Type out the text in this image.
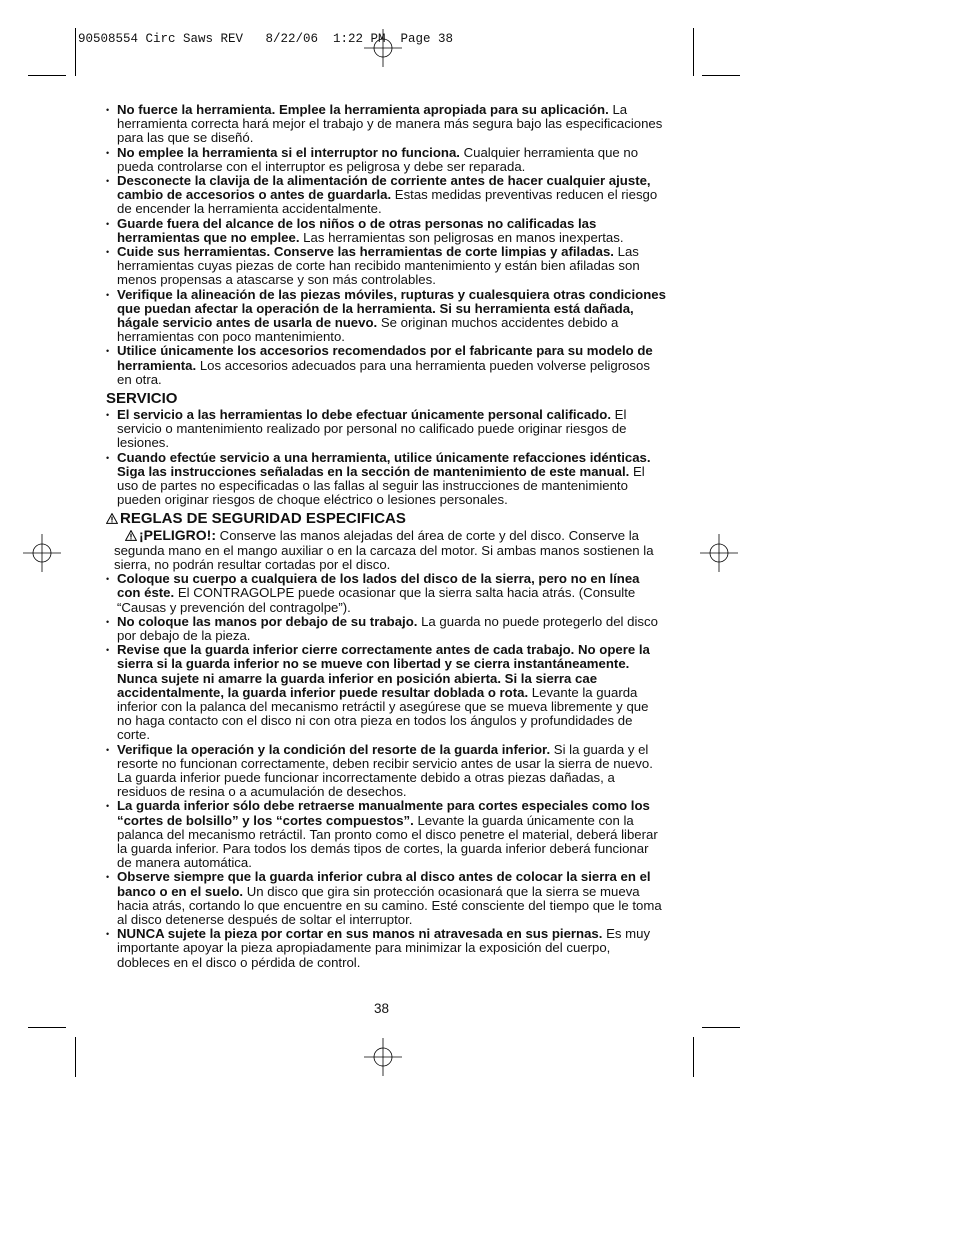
90508554 Circ Saws REV   8/22/06  1:22 PM  Page 38
• No fuerce la herramienta. Emplee la herramienta apropiada para su aplicación. La herramienta correcta hará mejor el trabajo y de manera más segura bajo las especificaciones para las que se diseñó.
• No emplee la herramienta si el interruptor no funciona. Cualquier herramienta que no pueda controlarse con el interruptor es peligrosa y debe ser reparada.
• Desconecte la clavija de la alimentación de corriente antes de hacer cualquier ajuste, cambio de accesorios o antes de guardarla. Estas medidas preventivas reducen el riesgo de encender la herramienta accidentalmente.
• Guarde fuera del alcance de los niños o de otras personas no calificadas las herramientas que no emplee. Las herramientas son peligrosas en manos inexpertas.
• Cuide sus herramientas. Conserve las herramientas de corte limpias y afiladas. Las herramientas cuyas piezas de corte han recibido mantenimiento y están bien afiladas son menos propensas a atascarse y son más controlables.
• Verifique la alineación de las piezas móviles, rupturas y cualesquiera otras condiciones que puedan afectar la operación de la herramienta. Si su herramienta está dañada, hágale servicio antes de usarla de nuevo. Se originan muchos accidentes debido a herramientas con poco mantenimiento.
• Utilice únicamente los accesorios recomendados por el fabricante para su modelo de herramienta. Los accesorios adecuados para una herramienta pueden volverse peligrosos en otra.
SERVICIO
• El servicio a las herramientas lo debe efectuar únicamente personal calificado. El servicio o mantenimiento realizado por personal no calificado puede originar riesgos de lesiones.
• Cuando efectúe servicio a una herramienta, utilice únicamente refacciones idénticas. Siga las instrucciones señaladas en la sección de mantenimiento de este manual. El uso de partes no especificadas o las fallas al seguir las instrucciones de mantenimiento pueden originar riesgos de choque eléctrico o lesiones personales.
REGLAS DE SEGURIDAD ESPECIFICAS
¡PELIGRO!: Conserve las manos alejadas del área de corte y del disco. Conserve la segunda mano en el mango auxiliar o en la carcaza del motor. Si ambas manos sostienen la sierra, no podrán resultar cortadas por el disco.
• Coloque su cuerpo a cualquiera de los lados del disco de la sierra, pero no en línea con éste. El CONTRAGOLPE puede ocasionar que la sierra salta hacia atrás. (Consulte “Causas y prevención del contragolpe”).
• No coloque las manos por debajo de su trabajo. La guarda no puede protegerlo del disco por debajo de la pieza.
• Revise que la guarda inferior cierre correctamente antes de cada trabajo. No opere la sierra si la guarda inferior no se mueve con libertad y se cierra instantáneamente. Nunca sujete ni amarre la guarda inferior en posición abierta. Si la sierra cae accidentalmente, la guarda inferior puede resultar doblada o rota. Levante la guarda inferior con la palanca del mecanismo retráctil y asegúrese que se mueva libremente y que no haga contacto con el disco ni con otra pieza en todos los ángulos y profundidades de corte.
• Verifique la operación y la condición del resorte de la guarda inferior. Si la guarda y el resorte no funcionan correctamente, deben recibir servicio antes de usar la sierra de nuevo. La guarda inferior puede funcionar incorrectamente debido a otras piezas dañadas, a residuos de resina o a acumulación de desechos.
• La guarda inferior sólo debe retraerse manualmente para cortes especiales como los “cortes de bolsillo” y los “cortes compuestos”. Levante la guarda únicamente con la palanca del mecanismo retráctil. Tan pronto como el disco penetre el material, deberá liberar la guarda inferior. Para todos los demás tipos de cortes, la guarda inferior deberá funcionar de manera automática.
• Observe siempre que la guarda inferior cubra al disco antes de colocar la sierra en el banco o en el suelo. Un disco que gira sin protección ocasionará que la sierra se mueva hacia atrás, cortando lo que encuentre en su camino. Esté consciente del tiempo que le toma al disco detenerse después de soltar el interruptor.
• NUNCA sujete la pieza por cortar en sus manos ni atravesada en sus piernas. Es muy importante apoyar la pieza apropiadamente para minimizar la exposición del cuerpo, dobleces en el disco o pérdida de control.
38
